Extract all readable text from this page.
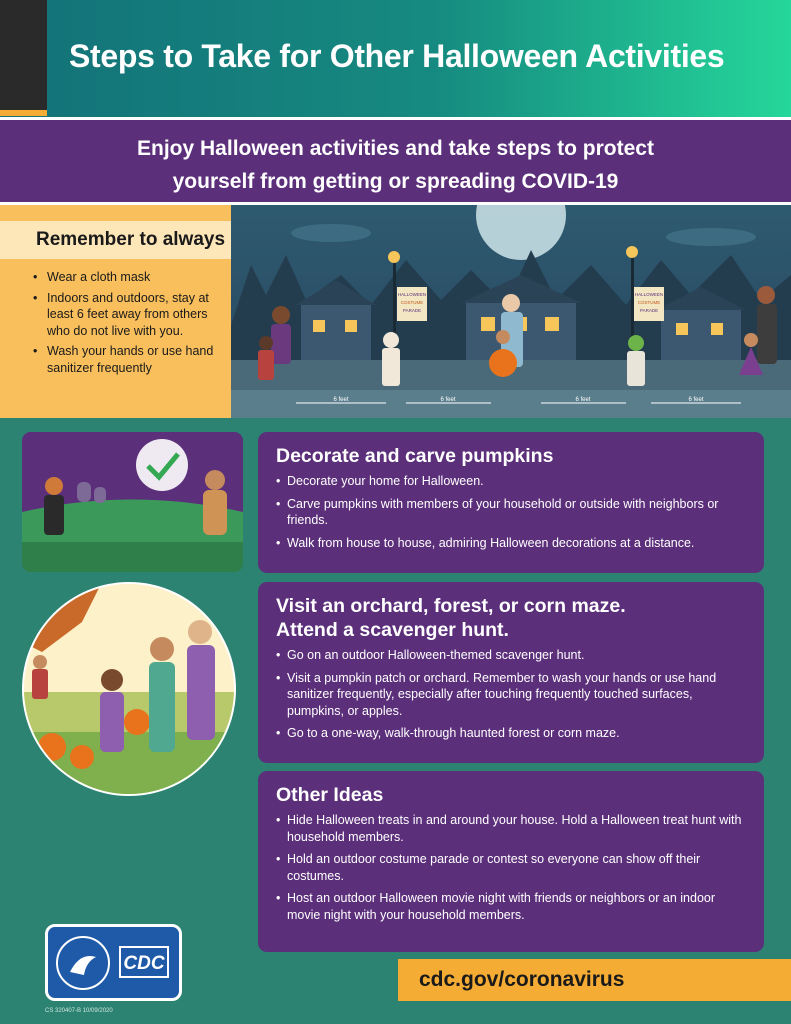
Steps to Take for Other Halloween Activities
Enjoy Halloween activities and take steps to protect
yourself from getting or spreading COVID-19
Remember to always
• Wear a cloth mask
• Indoors and outdoors, stay at least 6 feet away from others who do not live with you.
• Wash your hands or use hand sanitizer frequently
HALLOWEEN
COSTUME
PARADE
HALLOWEEN
COSTUME
PARADE
6 feet	6 feet	6 feet	6 feet
Decorate and carve pumpkins
• Decorate your home for Halloween.
• Carve pumpkins with members of your household or outside with neighbors or friends.
• Walk from house to house, admiring Halloween decorations at a distance.
Visit an orchard, forest, or corn maze.
Attend a scavenger hunt.
• Go on an outdoor Halloween-themed scavenger hunt.
• Visit a pumpkin patch or orchard. Remember to wash your hands or use hand sanitizer frequently, especially after touching frequently touched surfaces, pumpkins, or apples.
• Go to a one-way, walk-through haunted forest or corn maze.
Other Ideas
• Hide Halloween treats in and around your house. Hold a Halloween treat hunt with household members.
• Hold an outdoor costume parade or contest so everyone can show off their costumes.
• Host an outdoor Halloween movie night with friends or neighbors or an indoor movie night with your household members.
CDC
cdc.gov/coronavirus
CS 320407-B 10/09/2020
